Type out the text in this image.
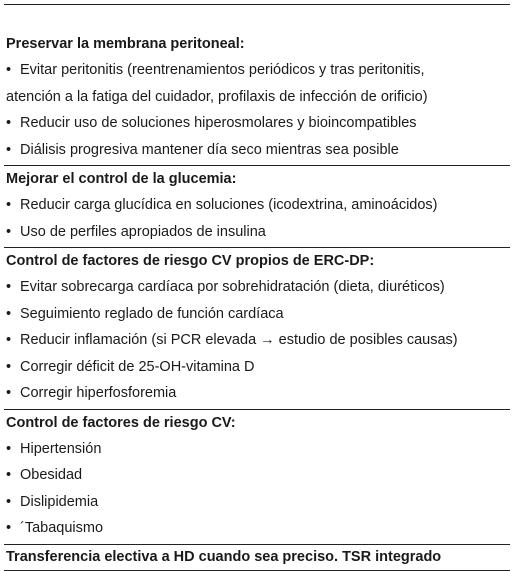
Preservar la membrana peritoneal:
• Evitar peritonitis (reentrenamientos periódicos y tras peritonitis,
atención a la fatiga del cuidador, profilaxis de infección de orificio)
• Reducir uso de soluciones hiperosmolares y bioincompatibles
• Diálisis progresiva mantener día seco mientras sea posible
Mejorar el control de la glucemia:
• Reducir carga glucídica en soluciones (icodextrina, aminoácidos)
• Uso de perfiles apropiados de insulina
Control de factores de riesgo CV propios de ERC-DP:
• Evitar sobrecarga cardíaca por sobrehidratación (dieta, diuréticos)
• Seguimiento reglado de función cardíaca
• Reducir inflamación (si PCR elevada → estudio de posibles causas)
• Corregir déficit de 25-OH-vitamina D
• Corregir hiperfosforemia
Control de factores de riesgo CV:
• Hipertensión
• Obesidad
• Dislipidemia
• ´Tabaquismo
Transferencia electiva a HD cuando sea preciso. TSR integrado
